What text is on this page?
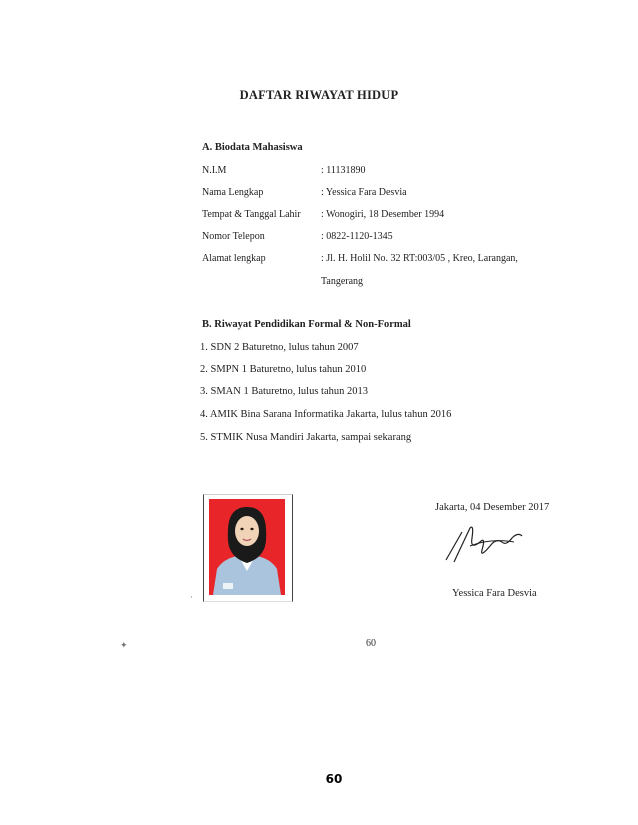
DAFTAR RIWAYAT HIDUP
A. Biodata Mahasiswa
N.I.M	: 11131890
Nama Lengkap	: Yessica Fara Desvia
Tempat & Tanggal Lahir : Wonogiri, 18 Desember 1994
Nomor Telepon	: 0822-1120-1345
Alamat lengkap	: Jl. H. Holil No. 32 RT:003/05 , Kreo, Larangan,
Tangerang
B. Riwayat Pendidikan Formal & Non-Formal
1. SDN 2 Baturetno, lulus tahun 2007
2. SMPN 1 Baturetno, lulus tahun 2010
3. SMAN 1 Baturetno, lulus tahun 2013
4. AMIK Bina Sarana Informatika Jakarta, lulus tahun 2016
5. STMIK Nusa Mandiri Jakarta, sampai sekarang
Jakarta, 04 Desember 2017
Yessica Fara Desvia
60
60
✦
·
